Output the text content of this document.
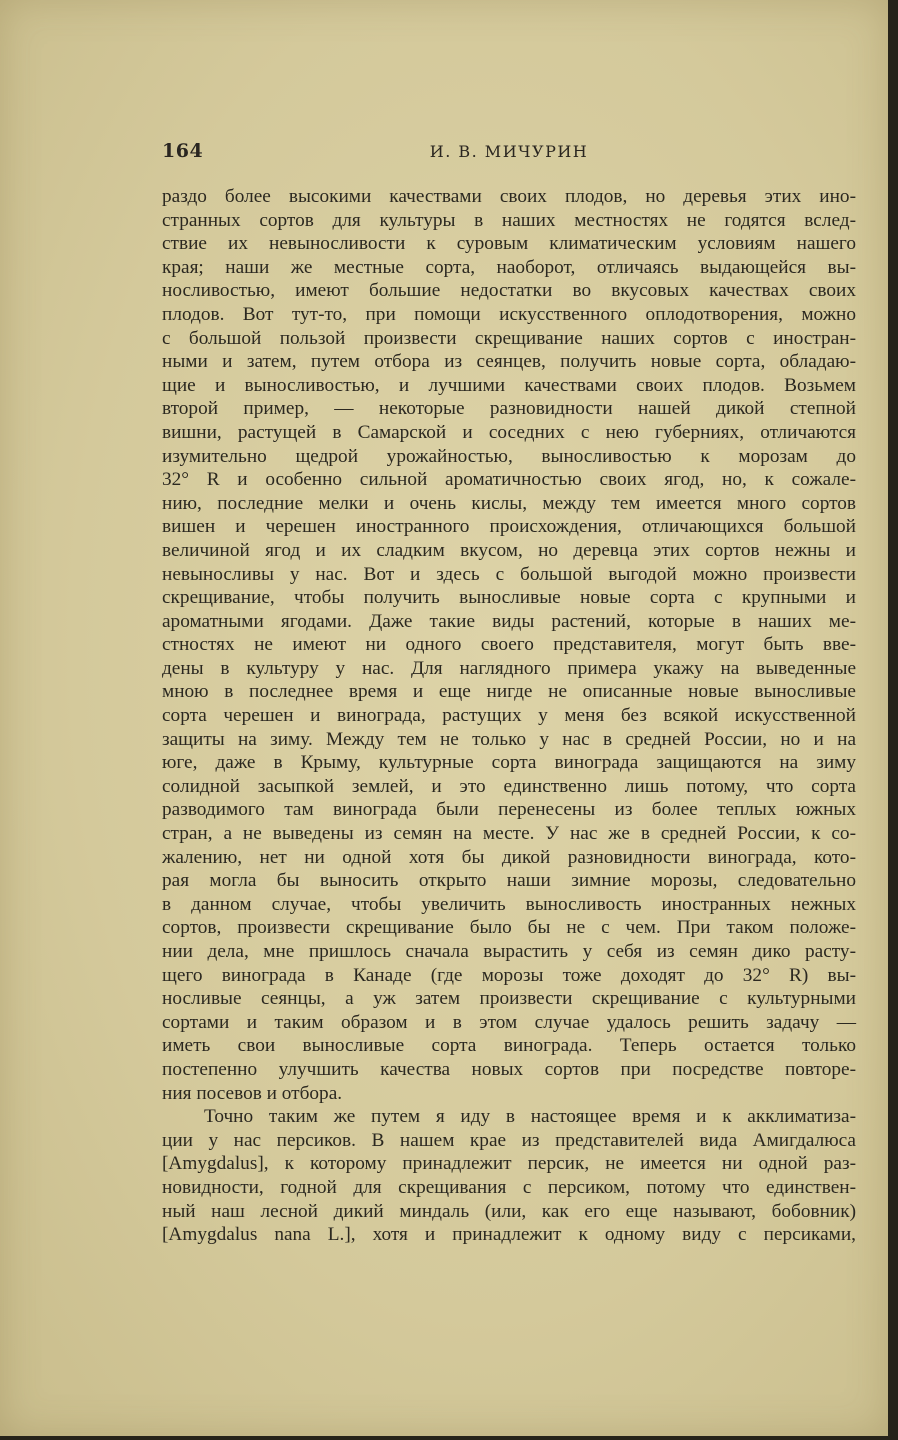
164	И. В. МИЧУРИН
раздо более высокими качествами своих плодов, но деревья этих ино-
странных сортов для культуры в наших местностях не годятся вслед-
ствие их невыносливости к суровым климатическим условиям нашего
края; наши же местные сорта, наоборот, отличаясь выдающейся вы-
носливостью, имеют большие недостатки во вкусовых качествах своих
плодов. Вот тут-то, при помощи искусственного оплодотворения, можно
с большой пользой произвести скрещивание наших сортов с иностран-
ными и затем, путем отбора из сеянцев, получить новые сорта, обладаю-
щие и выносливостью, и лучшими качествами своих плодов. Возьмем
второй пример, — некоторые разновидности нашей дикой степной
вишни, растущей в Самарской и соседних с нею губерниях, отличаются
изумительно щедрой урожайностью, выносливостью к морозам до
32° R и особенно сильной ароматичностью своих ягод, но, к сожале-
нию, последние мелки и очень кислы, между тем имеется много сортов
вишен и черешен иностранного происхождения, отличающихся большой
величиной ягод и их сладким вкусом, но деревца этих сортов нежны и
невыносливы у нас. Вот и здесь с большой выгодой можно произвести
скрещивание, чтобы получить выносливые новые сорта с крупными и
ароматными ягодами. Даже такие виды растений, которые в наших ме-
стностях не имеют ни одного своего представителя, могут быть вве-
дены в культуру у нас. Для наглядного примера укажу на выведенные
мною в последнее время и еще нигде не описанные новые выносливые
сорта черешен и винограда, растущих у меня без всякой искусственной
защиты на зиму. Между тем не только у нас в средней России, но и на
юге, даже в Крыму, культурные сорта винограда защищаются на зиму
солидной засыпкой землей, и это единственно лишь потому, что сорта
разводимого там винограда были перенесены из более теплых южных
стран, а не выведены из семян на месте. У нас же в средней России, к со-
жалению, нет ни одной хотя бы дикой разновидности винограда, кото-
рая могла бы выносить открыто наши зимние морозы, следовательно
в данном случае, чтобы увеличить выносливость иностранных нежных
сортов, произвести скрещивание было бы не с чем. При таком положе-
нии дела, мне пришлось сначала вырастить у себя из семян дико расту-
щего винограда в Канаде (где морозы тоже доходят до 32° R) вы-
носливые сеянцы, а уж затем произвести скрещивание с культурными
сортами и таким образом и в этом случае удалось решить задачу —
иметь свои выносливые сорта винограда. Теперь остается только
постепенно улучшить качества новых сортов при посредстве повторе-
ния посевов и отбора.
Точно таким же путем я иду в настоящее время и к акклиматиза-
ции у нас персиков. В нашем крае из представителей вида Амигдалюса
[Amygdalus], к которому принадлежит персик, не имеется ни одной раз-
новидности, годной для скрещивания с персиком, потому что единствен-
ный наш лесной дикий миндаль (или, как его еще называют, бобовник)
[Amygdalus nana L.], хотя и принадлежит к одному виду с персиками,
